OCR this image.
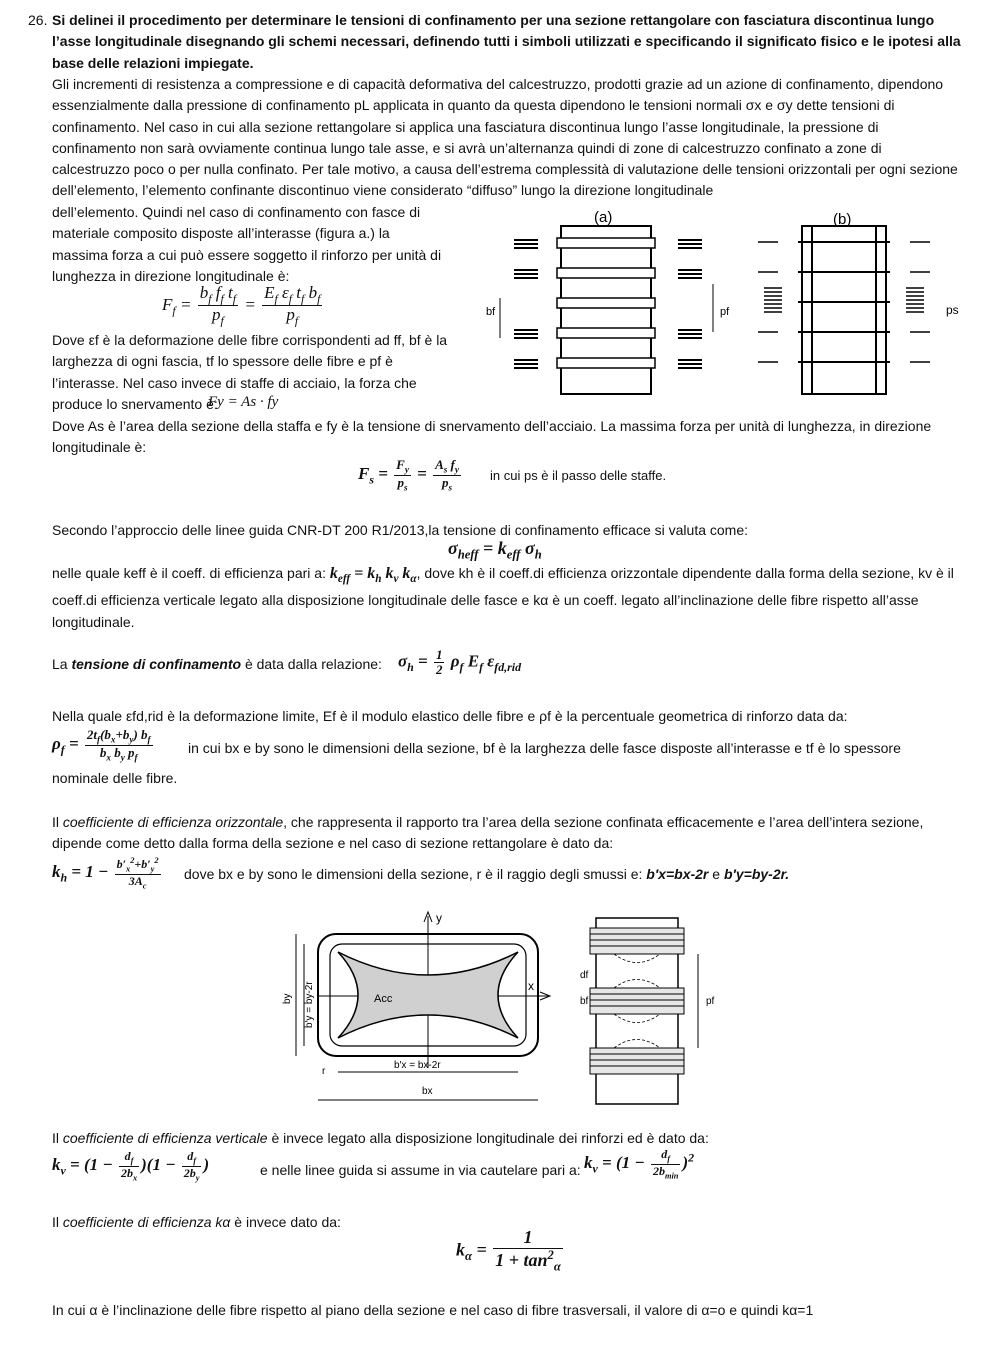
26. Si delinei il procedimento per determinare le tensioni di confinamento per una sezione rettangolare con fasciatura discontinua lungo l’asse longitudinale disegnando gli schemi necessari, definendo tutti i simboli utilizzati e specificando il significato fisico e le ipotesi alla base delle relazioni impiegate.

Gli incrementi di resistenza a compressione e di capacità deformativa del calcestruzzo, prodotti grazie ad un azione di confinamento, dipendono essenzialmente dalla pressione di confinamento pL applicata in quanto da questa dipendono le tensioni normali σx e σy dette tensioni di confinamento. Nel caso in cui alla sezione rettangolare si applica una fasciatura discontinua lungo l’asse longitudinale, la pressione di confinamento non sarà ovviamente continua lungo tale asse, e si avrà un’alternanza quindi di zone di calcestruzzo confinato a zone di calcestruzzo poco o per nulla confinato. Per tale motivo, a causa dell’estrema complessità di valutazione delle tensioni orizzontali per ogni sezione dell’elemento, l’elemento confinante discontinuo viene considerato “diffuso” lungo la direzione longitudinale

dell’elemento. Quindi nel caso di confinamento con fasce di materiale composito disposte all’interasse (figura a.) la massima forza a cui può essere soggetto il rinforzo per unità di lunghezza in direzione longitudinale è:

$F_f = \frac{b_f f_f t_f}{p_f} = \frac{E_f \varepsilon_f t_f b_f}{p_f}$

Dove εf è la deformazione delle fibre corrispondenti ad ff, bf è la larghezza di ogni fascia, tf lo spessore delle fibre e pf è l’interasse. Nel caso invece di staffe di acciaio, la forza che produce lo snervamento è:

Fy = As · fy

Dove As è l’area della sezione della staffa e fy è la tensione di snervamento dell’acciaio. La massima forza per unità di lunghezza, in direzione longitudinale è:

$F_s = \frac{F_y}{p_s} = \frac{A_s f_y}{p_s}$ in cui ps è il passo delle staffe.

Secondo l’approccio delle linee guida CNR-DT 200 R1/2013,la tensione di confinamento efficace si valuta come:

$\sigma_{heff} = k_{eff}$ $\sigma_h$

nelle quale keff è il coeff. di efficienza pari a: $k_{eff} = k_h$ $k_v$ $k_\alpha$, dove kh è il coeff.di efficienza orizzontale dipendente dalla forma della sezione, kv è il coeff.di efficienza verticale legato alla disposizione longitudinale delle fasce e kα è un coeff. legato all’inclinazione delle fibre rispetto all’asse longitudinale.

La tensione di confinamento è data dalla relazione: $\sigma_h = \frac{1}{2} \rho_f$ $E_f$ $\varepsilon_{fd,rid}$

Nella quale εfd,rid è la deformazione limite, Ef è il modulo elastico delle fibre e ρf è la percentuale geometrica di rinforzo data da:

$\rho_f = \frac{2t_f(b_x+b_y) b_f}{b_x b_y p_f}$	in cui bx e by sono le dimensioni della sezione, bf è la larghezza delle fasce disposte all’interasse e tf è lo spessore
nominale delle fibre.

Il coefficiente di efficienza orizzontale, che rappresenta il rapporto tra l’area della sezione confinata efficacemente e l’area dell’intera sezione, dipende come detto dalla forma della sezione e nel caso di sezione rettangolare è dato da:

$k_h = 1 - \frac{b'_x^2+b'_y^2}{3A_c}$ dove bx e by sono le dimensioni della sezione, r è il raggio degli smussi e: b′x=bx-2r e b′y=by-2r.

Il coefficiente di efficienza verticale è invece legato alla disposizione longitudinale dei rinforzi ed è dato da:

$k_v = (1 - \frac{d_f}{2b_x} )(1 - \frac{d_f}{2b_y}$ )	e nelle linee guida si assume in via cautelare pari a: $k_v = (1 - \frac{d_f}{2b_{min}} )^2$

Il coefficiente di efficienza kα è invece dato da:

$k_\alpha = \frac{1}{1 + \tan^2_\alpha}$

In cui α è l’inclinazione delle fibre rispetto al piano della sezione e nel caso di fibre trasversali, il valore di α=o e quindi kα=1

(a)
bf	pf
(b)
ps
y
x
Acc
by b′y = by-2r
r
b′x = bx-2r
bx
df
bf	pf
